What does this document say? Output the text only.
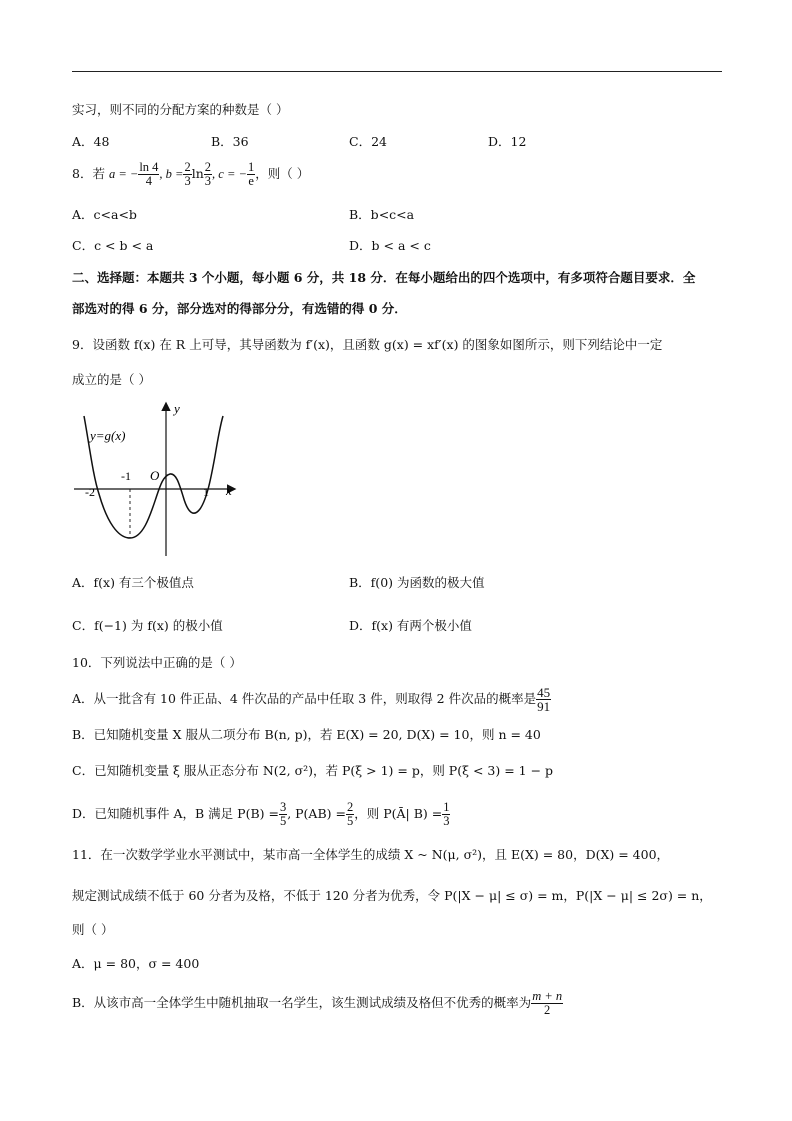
实习，则不同的分配方案的种数是（ ）
A．48	B．36	C．24	D．12
8．若 a = − $\frac{\ln 4}{4}$ , $b = \frac{2}{3}$ $\ln \frac{2}{3}$ , c = − $\frac{1}{e}$ ，则（ ）
A．c<a<b	B．b<c<a
C．c < b < a	D．b < a < c
二、选择题：本题共 3 个小题，每小题 6 分，共 18 分．在每小题给出的四个选项中，有多项符合题目要求．全
部选对的得 6 分，部分选对的得部分分，有选错的得 0 分．
9．设函数 f(x) 在 R 上可导，其导函数为 f′(x)，且函数 g(x) = xf′(x) 的图象如图所示，则下列结论中一定
成立的是（ ）
y
x
y=g(x)
O
-2
-1
1
A．f(x) 有三个极值点	B．f(0) 为函数的极大值
C．f(−1) 为 f(x) 的极小值	D．f(x) 有两个极小值
10．下列说法中正确的是（ ）
A．从一批含有 10 件正品、4 件次品的产品中任取 3 件，则取得 2 件次品的概率是 $\frac{45}{91}$
B．已知随机变量 X 服从二项分布 B(n, p)，若 E(X) = 20, D(X) = 10，则 n = 40
C．已知随机变量 ξ 服从正态分布 N(2, σ²)，若 P(ξ > 1) = p，则 P(ξ < 3) = 1 − p
D．已知随机事件 A，B 满足 $P(B) = \frac{3}{5}$ , $P(AB) = \frac{2}{5}$ ，则 P(Ā| $B) = \frac{1}{3}$
11．在一次数学学业水平测试中，某市高一全体学生的成绩 X ~ N(μ, σ²)，且 E(X) = 80，D(X) = 400，
规定测试成绩不低于 60 分者为及格，不低于 120 分者为优秀，令 P(|X − μ| ≤ σ) = m，P(|X − μ| ≤ 2σ) = n，
则（ ）
A．μ = 80，σ = 400
B．从该市高一全体学生中随机抽取一名学生，该生测试成绩及格但不优秀的概率为 $\frac{m + n}{2}$
